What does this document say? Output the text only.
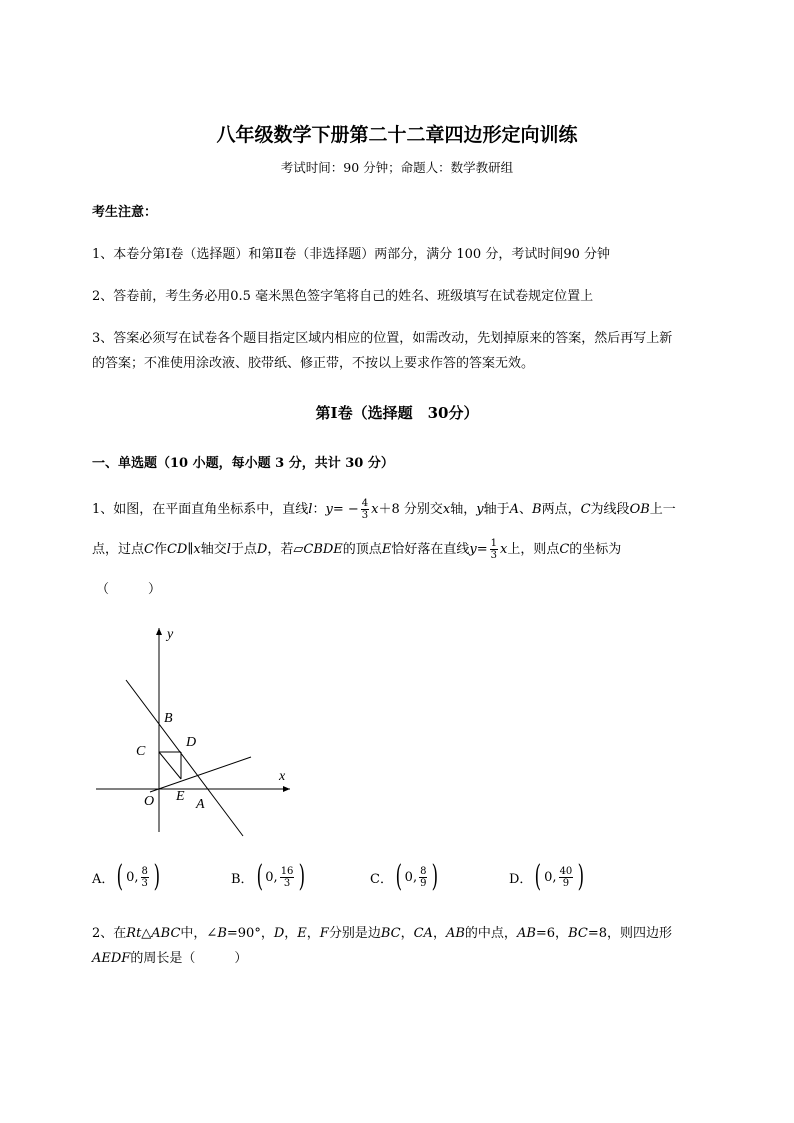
八年级数学下册第二十二章四边形定向训练
考试时间：90 分钟；命题人：数学教研组
考生注意：
1、本卷分第Ⅰ卷（选择题）和第Ⅱ卷（非选择题）两部分，满分 100 分，考试时间90 分钟
2、答卷前，考生务必用0.5 毫米黑色签字笔将自己的姓名、班级填写在试卷规定位置上
3、答案必须写在试卷各个题目指定区域内相应的位置，如需改动，先划掉原来的答案，然后再写上新
的答案；不准使用涂改液、胶带纸、修正带，不按以上要求作答的答案无效。
第Ⅰ卷（选择题　30分）
一、单选题（10 小题，每小题 3 分，共计 30 分）
1、如图，在平面直角坐标系中，直线l：$y= - \frac{4}{3} x+8$ 分别交x轴，y轴于A、B两点，C为线段OB上一
点，过点C作CD∥x轴交l于点D，若▱CBDE的顶点E恰好落在直线$y= \frac{1}{3}$ x上，则点C的坐标为
（　　　）
y
x
B
C
D
O E
A
A． ( 0, $\frac{8}{3}$ )	B． ( 0, $\frac{16}{3}$ )	C． ( 0, $\frac{8}{9}$ )	D． ( 0, $\frac{40}{9}$ )
2、在Rt△ABC中，∠B=90°，D，E，F分别是边BC，CA，AB的中点，AB=6，BC=8，则四边形
AEDF的周长是（　　　）
